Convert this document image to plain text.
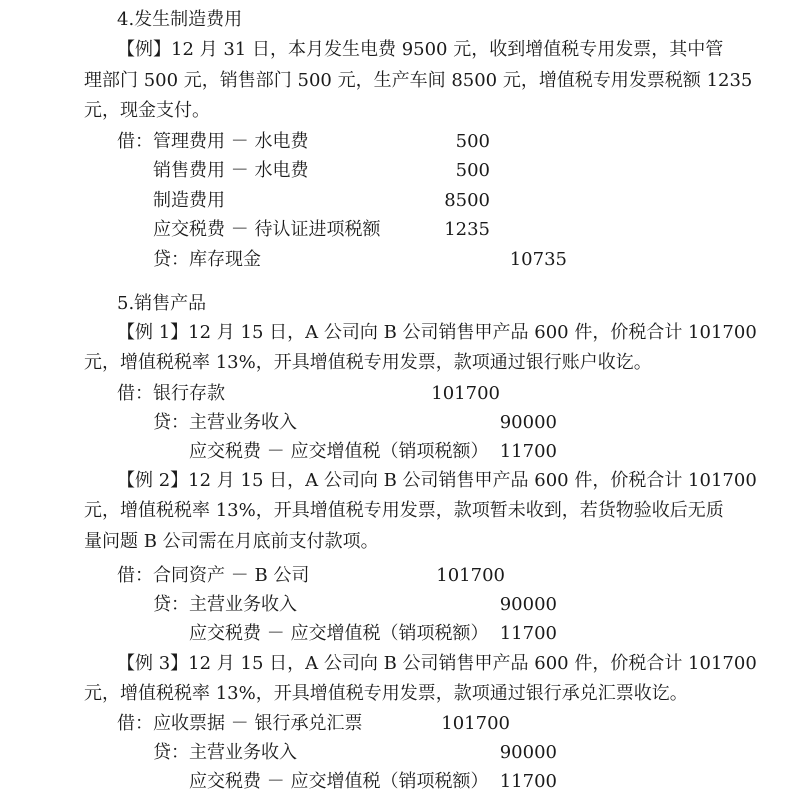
4.发生制造费用
【例】12 月 31 日，本月发生电费 9500 元，收到增值税专用发票，其中管
理部门 500 元，销售部门 500 元，生产车间 8500 元，增值税专用发票税额 1235
元，现金支付。
借：管理费用 － 水电费	500
销售费用 － 水电费	500
制造费用	8500
应交税费 － 待认证进项税额	1235
贷：库存现金	10735
5.销售产品
【例 1】12 月 15 日，A 公司向 B 公司销售甲产品 600 件，价税合计 101700
元，增值税税率 13%，开具增值税专用发票，款项通过银行账户收讫。
借：银行存款	101700
贷：主营业务收入	90000
应交税费 － 应交增值税（销项税额） 11700
【例 2】12 月 15 日，A 公司向 B 公司销售甲产品 600 件，价税合计 101700
元，增值税税率 13%，开具增值税专用发票，款项暂未收到，若货物验收后无质
量问题 B 公司需在月底前支付款项。
借：合同资产 － B 公司	101700
贷：主营业务收入	90000
应交税费 － 应交增值税（销项税额） 11700
【例 3】12 月 15 日，A 公司向 B 公司销售甲产品 600 件，价税合计 101700
元，增值税税率 13%，开具增值税专用发票，款项通过银行承兑汇票收讫。
借：应收票据 － 银行承兑汇票	101700
贷：主营业务收入	90000
应交税费 － 应交增值税（销项税额） 11700
